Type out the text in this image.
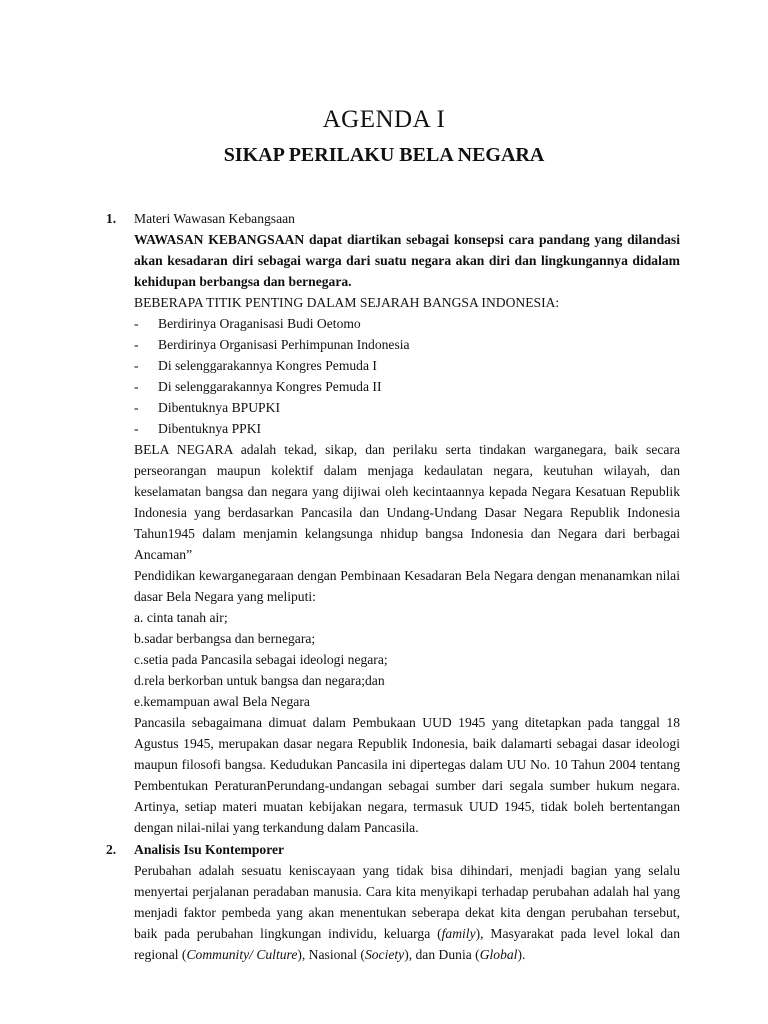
AGENDA I
SIKAP PERILAKU BELA NEGARA
1.	Materi Wawasan Kebangsaan

WAWASAN KEBANGSAAN dapat diartikan sebagai konsepsi cara pandang yang dilandasi akan kesadaran diri sebagai warga dari suatu negara akan diri dan lingkungannya didalam kehidupan berbangsa dan bernegara.

BEBERAPA TITIK PENTING DALAM SEJARAH BANGSA INDONESIA:

- Berdirinya Oraganisasi Budi Oetomo
- Berdirinya Organisasi Perhimpunan Indonesia
- Di selenggarakannya Kongres Pemuda I
- Di selenggarakannya Kongres Pemuda II
- Dibentuknya BPUPKI
- Dibentuknya PPKI

BELA NEGARA adalah tekad, sikap, dan perilaku serta tindakan warganegara, baik secara perseorangan maupun kolektif dalam menjaga kedaulatan negara, keutuhan wilayah, dan keselamatan bangsa dan negara yang dijiwai oleh kecintaannya kepada Negara Kesatuan Republik Indonesia yang berdasarkan Pancasila dan Undang-Undang Dasar Negara Republik Indonesia Tahun1945 dalam menjamin kelangsunga nhidup bangsa Indonesia dan Negara dari berbagai Ancaman”

Pendidikan kewarganegaraan dengan Pembinaan Kesadaran Bela Negara dengan menanamkan nilai dasar Bela Negara yang meliputi:

a. cinta tanah air;

b.sadar berbangsa dan bernegara;

c.setia pada Pancasila sebagai ideologi negara;

d.rela berkorban untuk bangsa dan negara;dan

e.kemampuan awal Bela Negara

Pancasila sebagaimana dimuat dalam Pembukaan UUD 1945 yang ditetapkan pada tanggal 18 Agustus 1945, merupakan dasar negara Republik Indonesia, baik dalamarti sebagai dasar ideologi maupun filosofi bangsa. Kedudukan Pancasila ini dipertegas dalam UU No. 10 Tahun 2004 tentang Pembentukan PeraturanPerundang-undangan sebagai sumber dari segala sumber hukum negara. Artinya, setiap materi muatan kebijakan negara, termasuk UUD 1945, tidak boleh bertentangan dengan nilai-nilai yang terkandung dalam Pancasila.

2.	Analisis Isu Kontemporer

Perubahan adalah sesuatu keniscayaan yang tidak bisa dihindari, menjadi bagian yang selalu menyertai perjalanan peradaban manusia. Cara kita menyikapi terhadap perubahan adalah hal yang menjadi faktor pembeda yang akan menentukan seberapa dekat kita dengan perubahan tersebut, baik pada perubahan lingkungan individu, keluarga (family), Masyarakat pada level lokal dan regional (Community/ Culture), Nasional (Society), dan Dunia (Global).
